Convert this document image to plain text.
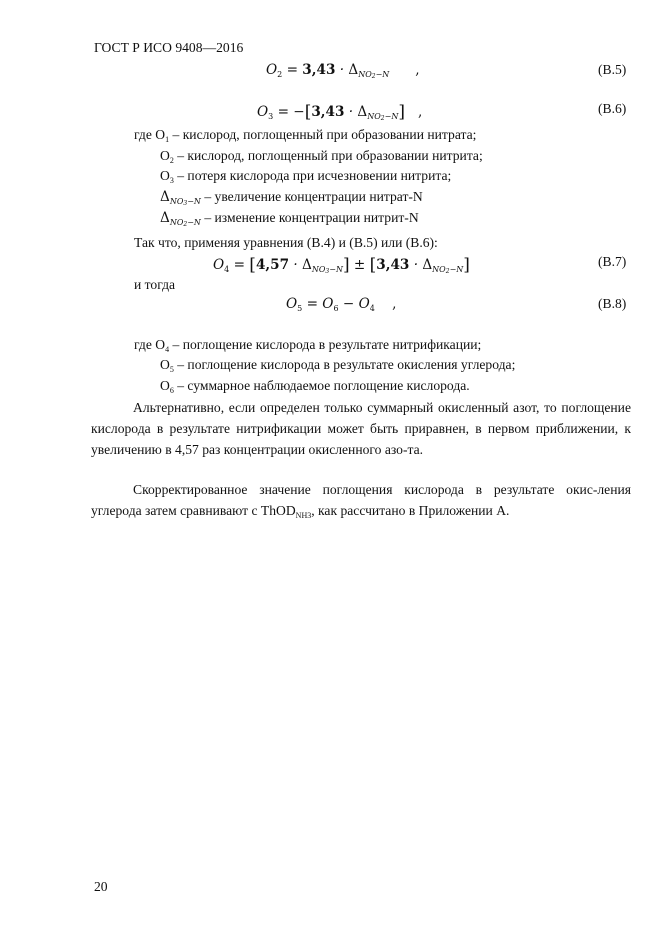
ГОСТ Р ИСО 9408—2016
$O_2 = 3,43 \cdot \Delta_{NO2-N}$ ,	(B.5)
$O_3 = -[3,43 \cdot \Delta_{NO2-N}]$ ,	(B.6)
где $O_1$ – кислород, поглощенный при образовании нитрата;
$O_2$ – кислород, поглощенный при образовании нитрита;
$O_3$ – потеря кислорода при исчезновении нитрита;
$\Delta_{NO3-N}$ – увеличение концентрации нитрат-N
$\Delta_{NO2-N}$ – изменение концентрации нитрит-N
Так что, применяя уравнения (B.4) и (B.5) или (B.6):
$O_4 = [4,57 \cdot \Delta_{NO3-N}] \pm [3,43 \cdot \Delta_{NO2-N}]$	(B.7)
и тогда
$O_5 = O_6 - O_4$ ,	(B.8)
где $O_4$ – поглощение кислорода в результате нитрификации;
$O_5$ – поглощение кислорода в результате окисления углерода;
$O_6$ – суммарное наблюдаемое поглощение кислорода.
Альтернативно, если определен только суммарный окисленный азот, то поглощение кислорода в результате нитрификации может быть приравнен, в первом приближении, к увеличению в 4,57 раз концентрации окисленного азо-та.
Скорректированное значение поглощения кислорода в результате окис-ления углерода затем сравнивают с ThOD$_{NH3}$, как рассчитано в Приложении A.
20
